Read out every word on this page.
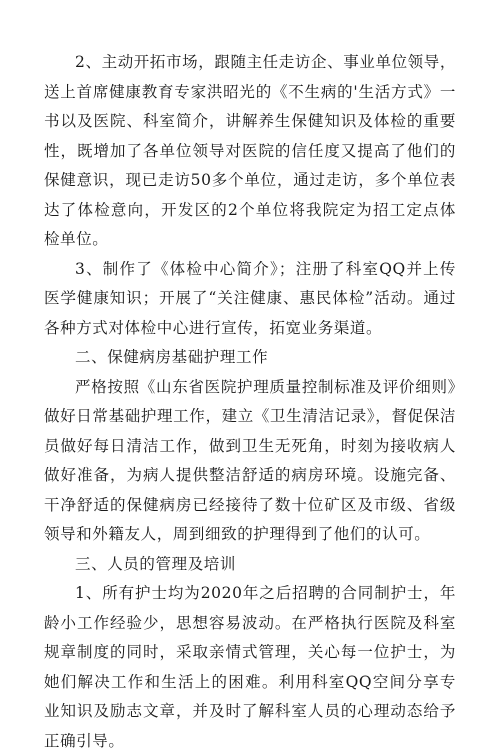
2、主动开拓市场，跟随主任走访企、事业单位领导，送上首席健康教育专家洪昭光的《不生病的'生活方式》一书以及医院、科室简介，讲解养生保健知识及体检的重要性，既增加了各单位领导对医院的信任度又提高了他们的保健意识，现已走访50多个单位，通过走访，多个单位表达了体检意向，开发区的2个单位将我院定为招工定点体检单位。

3、制作了《体检中心简介》；注册了科室QQ并上传医学健康知识；开展了“关注健康、惠民体检”活动。通过各种方式对体检中心进行宣传，拓宽业务渠道。

二、保健病房基础护理工作

严格按照《山东省医院护理质量控制标准及评价细则》做好日常基础护理工作，建立《卫生清洁记录》，督促保洁员做好每日清洁工作，做到卫生无死角，时刻为接收病人做好准备，为病人提供整洁舒适的病房环境。设施完备、干净舒适的保健病房已经接待了数十位矿区及市级、省级领导和外籍友人，周到细致的护理得到了他们的认可。

三、人员的管理及培训

1、所有护士均为2020年之后招聘的合同制护士，年龄小工作经验少，思想容易波动。在严格执行医院及科室规章制度的同时，采取亲情式管理，关心每一位护士，为她们解决工作和生活上的困难。利用科室QQ空间分享专业知识及励志文章，并及时了解科室人员的心理动态给予正确引导。
